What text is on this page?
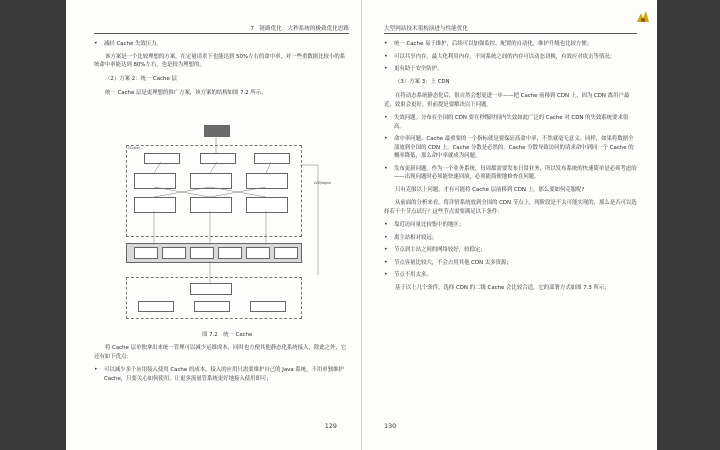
7　链路优化：大秒系统的极致优化思路
• 减轻 Cache 失效压力。

该方案是一个比较理想的方案，在定量请求下也能达到 50%左右的命中率，对一些重数据比较小的系统命中率能达到 80%左右，也是较为理想的。

（2）方案 2：统一 Cache 层

统一 Cache 层是更理想的推广方案，该方案的结构如图 7.2 所示。

Cluster...
LVS/Nginx
图 7.2　统一 Cache

将 Cache 层单独拿出来统一管理可以减少运维成本，同时也方便其他静态化系统接入，除此之外，它还有如下优点：

• 可以减少多个应用接入使用 Cache 的成本，接入的应用只需要维护自己的 Java 系统，不用单独维护 Cache，只要关心如何使用，让更多流量管系统更好地接入使用即可；
129
大型网站技术架构演进与性能优化
• 统一 Cache 易于维护，后续可以加强监控、配置的自动化，维护升级也比较方便；
• 可以共享内存，最大化利用内存，不同系统之间的内存可以动态切换，有效应对攻击等情况；
• 更有助于安全防护。

（3）方案 3：上 CDN

在将动态系统静态化后，很自然会想更进一步——把 Cache 前移到 CDN 上，因为 CDN 离用户最近，效果会更好。但前提是要解决以下问题。

• 失效问题。分布在全国的 CDN 要在秒级时间内失效如此广泛的 Cache 对 CDN 的失效系统要求很高。
• 命中率问题。Cache 最重要的一个指标就是要保证高命中率，不然就毫无意义。同样，如果将数据全部放到全国的 CDN 上，Cache 分散是必然的。Cache 分散导致访问的请求命中到同一个 Cache 的概率降低，那么命中率就成为问题。
• 发布更新问题。作为一个业务系统，每周都需要发布日常业务，所以发布系统的快速简单是必须考虑的——出现问题时必须能快速回滚，必须能简便地修查在问题。

只有克服以上问题，才有可能将 Cache 层前移到 CDN 上，那么要如何克服呢?

从前面的分析来看，将详情系统放到全国的 CDN 节点上，现阶段是不太可能实现的，那么是否可以选择若干个节点试行？这些节点需要满足以下条件：

• 靠近访问量比较集中的地区；
• 离主站相对较远；
• 节点到主站之间的网络较好，较稳定；
• 节点容量比较大，不会占用其他 CDN 太多资源；
• 节点不用太多。

基于以上几个条件，选择 CDN 的二级 Cache 会比较合适，它的部署方式如图 7.3 所示。

130
